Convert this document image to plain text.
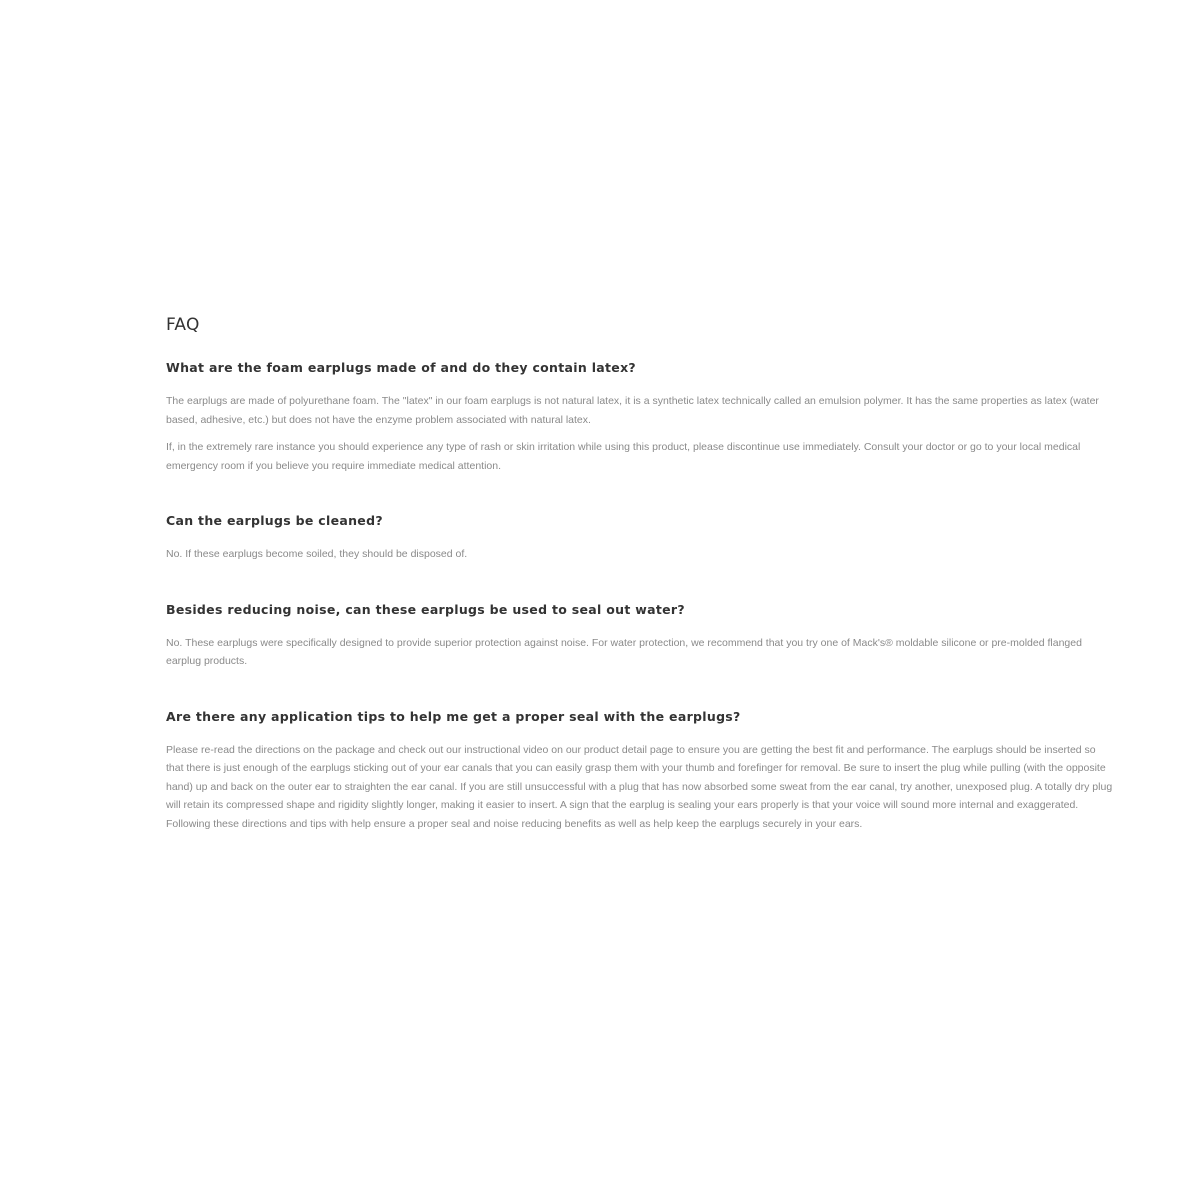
FAQ
What are the foam earplugs made of and do they contain latex?

The earplugs are made of polyurethane foam. The "latex" in our foam earplugs is not natural latex, it is a synthetic latex technically called an emulsion polymer. It has the same properties as latex (water based, adhesive, etc.) but does not have the enzyme problem associated with natural latex.

If, in the extremely rare instance you should experience any type of rash or skin irritation while using this product, please discontinue use immediately. Consult your doctor or go to your local medical emergency room if you believe you require immediate medical attention.

Can the earplugs be cleaned?

No. If these earplugs become soiled, they should be disposed of.

Besides reducing noise, can these earplugs be used to seal out water?

No. These earplugs were specifically designed to provide superior protection against noise. For water protection, we recommend that you try one of Mack's® moldable silicone or pre-molded flanged earplug products.

Are there any application tips to help me get a proper seal with the earplugs?

Please re-read the directions on the package and check out our instructional video on our product detail page to ensure you are getting the best fit and performance. The earplugs should be inserted so that there is just enough of the earplugs sticking out of your ear canals that you can easily grasp them with your thumb and forefinger for removal. Be sure to insert the plug while pulling (with the opposite hand) up and back on the outer ear to straighten the ear canal. If you are still unsuccessful with a plug that has now absorbed some sweat from the ear canal, try another, unexposed plug. A totally dry plug will retain its compressed shape and rigidity slightly longer, making it easier to insert. A sign that the earplug is sealing your ears properly is that your voice will sound more internal and exaggerated. Following these directions and tips with help ensure a proper seal and noise reducing benefits as well as help keep the earplugs securely in your ears.
